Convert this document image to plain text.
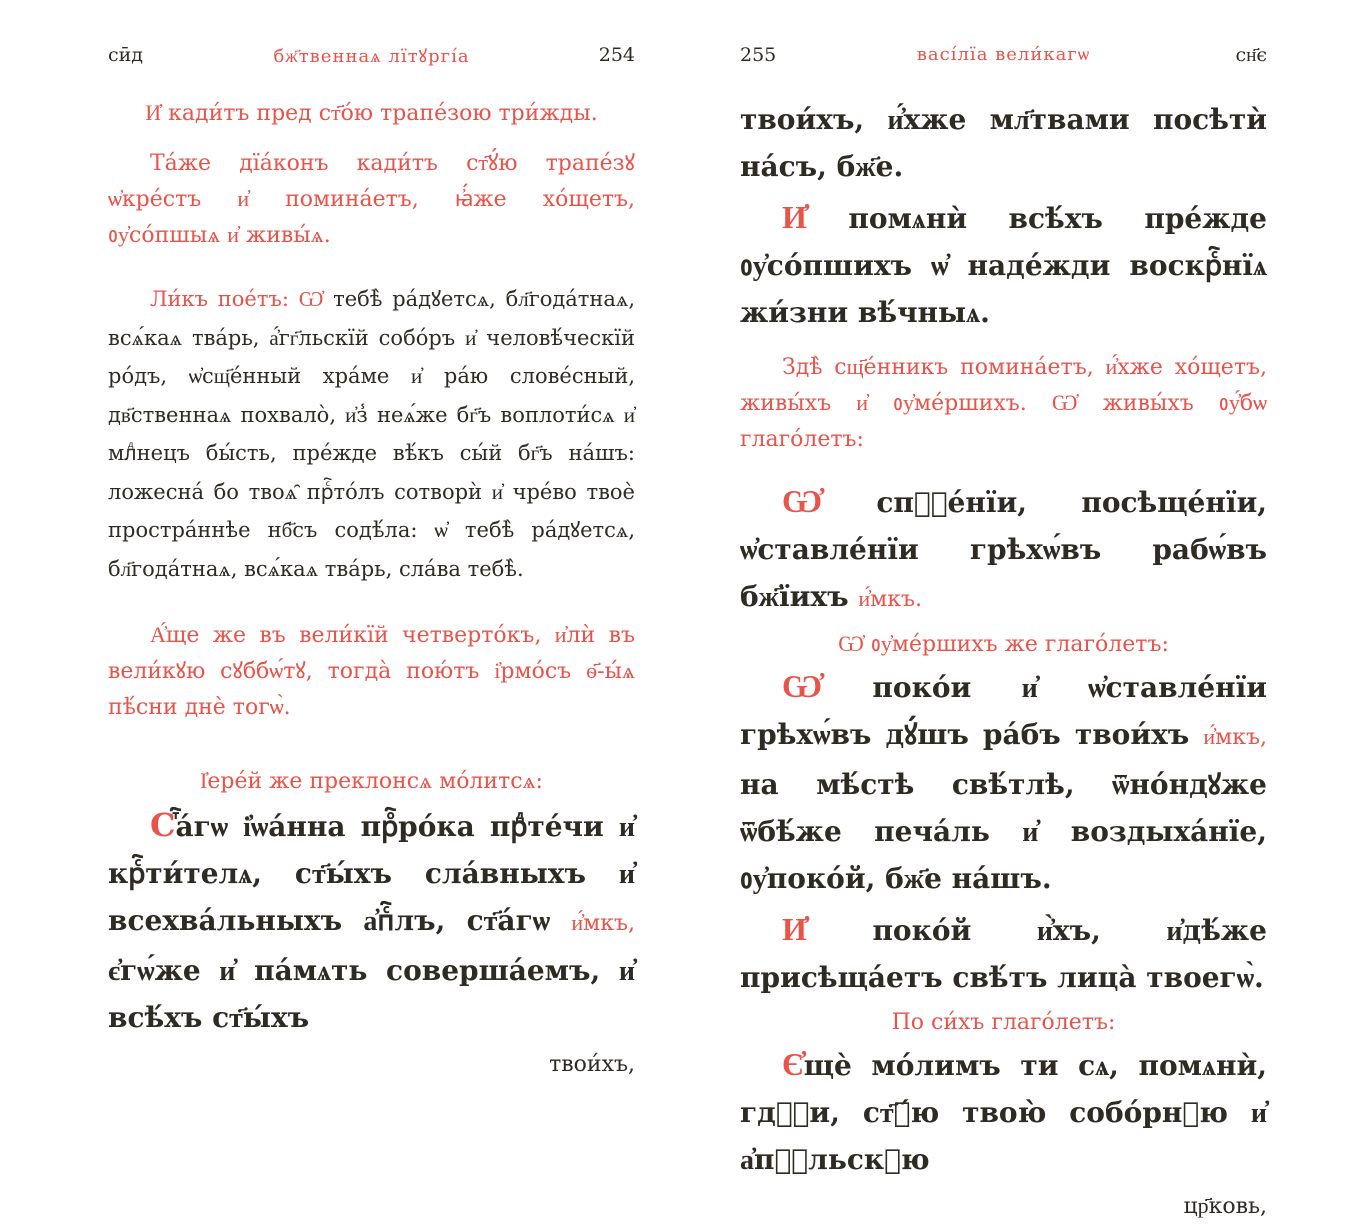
сӣд	бж҃твеннаѧ лїтꙋргі́а	254

И҆ кади́тъ пред ст҃о́ю трапе́зою три́жды.

Та́же дїа́конъ кади́тъ ст҃ꙋ́ю трапе́зꙋ ѡ҆кре́стъ и҆ помина́етъ, ꙗ҆́же хо́щетъ, ᲂу҆со́пшыѧ и҆ живы́ѧ.

Ли́къ пое́тъ: Ѡ҆ тебѣ̀ ра́дꙋетсѧ, бл҃года́тнаѧ, всѧ́каѧ тва́рь, а҆́гг҃льскїй собо́ръ и҆ человѣ́ческїй ро́дъ, ѡ҆сщ҃е́нный хра́ме и҆ ра́ю слове́сный, дв҃ственнаѧ похвало̀, и҆з̾ неѧ́же бг҃ъ воплоти́сѧ и҆ млⷣнецъ бы́сть, пре́жде вѣ́къ сы́й бг҃ъ на́шъ: ложесна́ бо твоѧ̑ прⷭ҇то́лъ сотворѝ и҆ чре́во твоѐ простра́ннѣе нб҃съ содѣ́ла: ѡ҆ тебѣ̀ ра́дꙋетсѧ, бл҃года́тнаѧ, всѧ́каѧ тва́рь, сла́ва тебѣ̀.

А҆́ще же въ вели́кїй четверто́къ, и҆лѝ въ вели́кꙋю сꙋббѡ́тꙋ, тогда̀ пою́тъ і҆рмо́съ ѳ҃-ы́ѧ пѣ́сни днѐ тогѡ̀.

І҆ере́й же преклонсѧ мо́литсѧ:

Сⷮ҇а́гѡ і҆ѡа́нна прⷪ҇ро́ка прⷣте́чи и҆ крⷭ҇ти́телѧ, ст҃ы́хъ сла́вныхъ и҆ всехва́льныхъ а҆пⷭ҇лъ, ст҃а́гѡ и҆́мкъ, є҆гѡ́же и҆ па́мѧть соверша́емъ, и҆ всѣ́хъ ст҃ы́хъ

твои́хъ,
255	васі́лїа вели́кагѡ	сн҃є

твои́хъ, и҆́хже мл҃твами посѣтѝ на́съ, бж҃е.

И҆ помѧнѝ всѣ́хъ пре́жде ᲂу҆со́пшихъ ѡ҆ наде́жди воскрⷭ҇нїѧ жи́зни вѣ́чныѧ.

Здѣ̀ сщ҃е́нникъ помина́етъ, и҆́хже хо́щетъ, живы́хъ и҆ ᲂу҆ме́ршихъ. Ѡ҆ живы́хъ ᲂу҆́бѡ глаго́летъ:

Ѡ҆ спⷭ҇е́нїи, посѣще́нїи, ѡ҆ставле́нїи грѣхѡ́въ рабѡ́въ бж҃їихъ и҆́мкъ.

Ѡ҆ ᲂу҆ме́ршихъ же глаго́летъ:

Ѡ҆ поко́и и҆ ѡ҆ставле́нїи грѣхѡ́въ дꙋ́шъ ра́бъ твои́хъ и҆́мкъ, на мѣ́стѣ свѣ́тлѣ, ѿно́ндꙋже ѿбѣ́же печа́ль и҆ воздыха́нїе, ᲂу҆поко́й, бж҃е на́шъ.

И҆ поко́й и҆̀хъ, и҆дѣ́же присѣща́етъ свѣ́тъ лица̀ твоегѡ̀.

По си́хъ глаго́летъ:

Є҆щѐ мо́лимъ ти сѧ, помѧнѝ, гдⷭ҇и, ст҃ꙋ́ю твою̀ собо́рнꙋю и҆ а҆пⷭ҇льскꙋю

цр҃ковь,
